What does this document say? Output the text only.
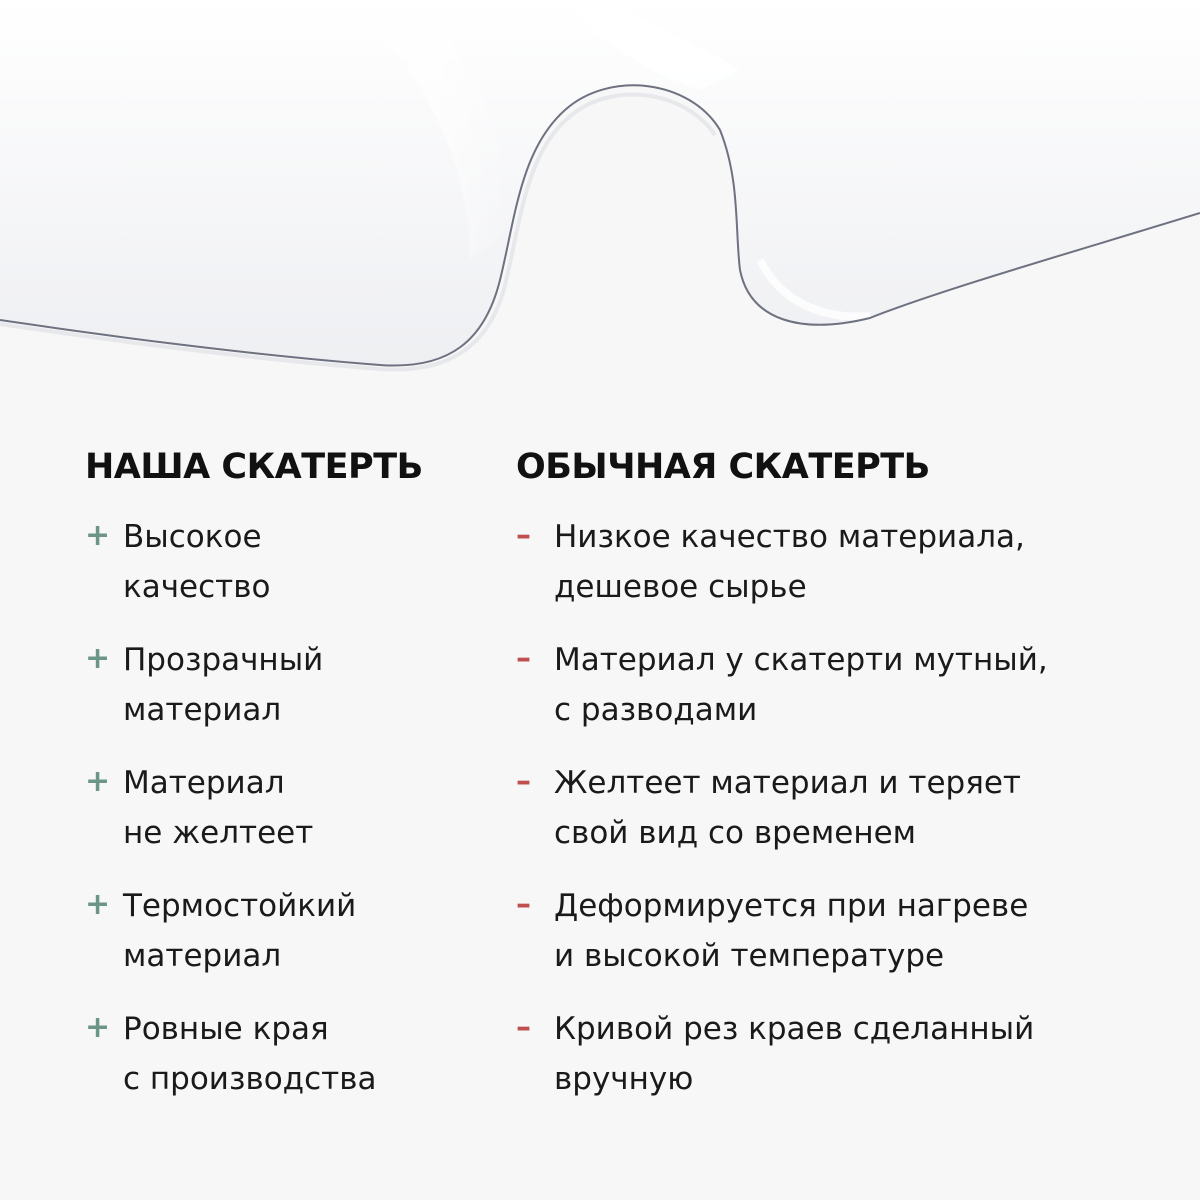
НАША СКАТЕРТЬ
+ Высокое
качество
+ Прозрачный
материал
+ Материал
не желтеет
+ Термостойкий
материал
+ Ровные края
с производства
ОБЫЧНАЯ СКАТЕРТЬ
– Низкое качество материала,
дешевое сырье
– Материал у скатерти мутный,
с разводами
– Желтеет материал и теряет
свой вид со временем
– Деформируется при нагреве
и высокой температуре
– Кривой рез краев сделанный
вручную
